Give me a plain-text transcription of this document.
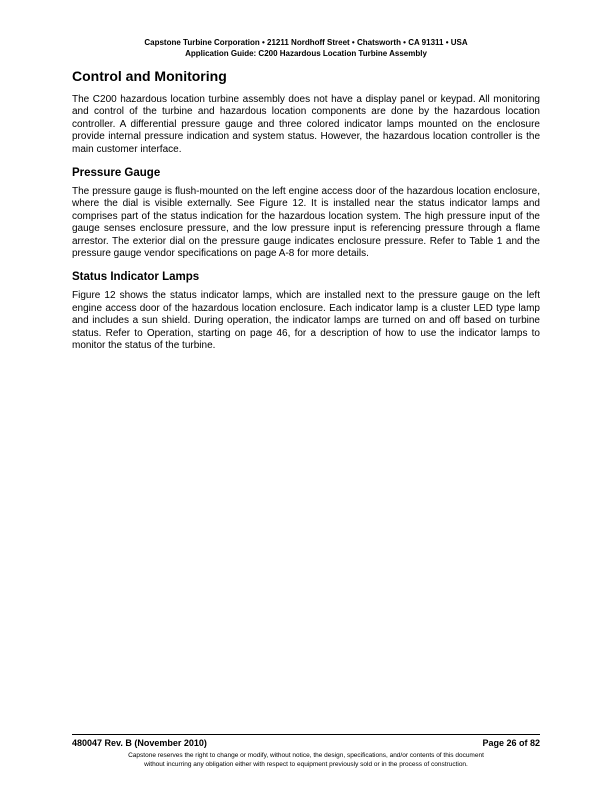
Capstone Turbine Corporation • 21211 Nordhoff Street • Chatsworth • CA 91311 • USA
Application Guide: C200 Hazardous Location Turbine Assembly
Control and Monitoring

The C200 hazardous location turbine assembly does not have a display panel or keypad. All monitoring and control of the turbine and hazardous location components are done by the hazardous location controller. A differential pressure gauge and three colored indicator lamps mounted on the enclosure provide internal pressure indication and system status. However, the hazardous location controller is the main customer interface.

Pressure Gauge

The pressure gauge is flush-mounted on the left engine access door of the hazardous location enclosure, where the dial is visible externally. See Figure 12. It is installed near the status indicator lamps and comprises part of the status indication for the hazardous location system. The high pressure input of the gauge senses enclosure pressure, and the low pressure input is referencing pressure through a flame arrestor. The exterior dial on the pressure gauge indicates enclosure pressure. Refer to Table 1 and the pressure gauge vendor specifications on page A-8 for more details.

Status Indicator Lamps

Figure 12 shows the status indicator lamps, which are installed next to the pressure gauge on the left engine access door of the hazardous location enclosure. Each indicator lamp is a cluster LED type lamp and includes a sun shield. During operation, the indicator lamps are turned on and off based on turbine status. Refer to Operation, starting on page 46, for a description of how to use the indicator lamps to monitor the status of the turbine.

480047 Rev. B (November 2010)	Page 26 of 82
Capstone reserves the right to change or modify, without notice, the design, specifications, and/or contents of this document
without incurring any obligation either with respect to equipment previously sold or in the process of construction.
